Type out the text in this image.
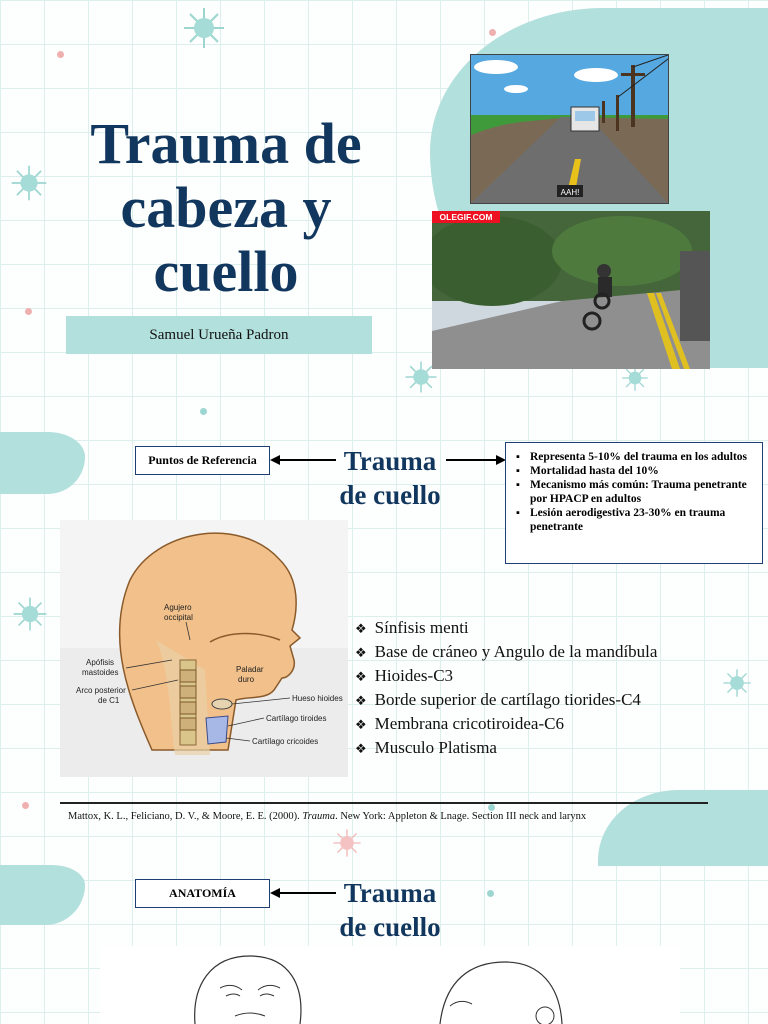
Trauma de cabeza y cuello
Samuel Urueña Padron
AAH!
OLEGIF.COM
Puntos de Referencia	Trauma
de cuello
▪ Representa 5-10% del trauma en los adultos
▪ Mortalidad hasta del 10%
▪ Mecanismo más común: Trauma penetrante por HPACP en adultos
▪ Lesión aerodigestiva 23-30% en trauma penetrante
Agujero
occipital
Apófisis
mastoides
Arco posterior
de C1
Paladar
duro
Hueso hioides
Cartílago tiroides
Cartílago cricoides
❖ Sínfisis menti
❖ Base de cráneo y Angulo de la mandíbula
❖ Hioides-C3
❖ Borde superior de cartílago tiorides-C4
❖ Membrana cricotiroidea-C6
❖ Musculo Platisma
Mattox, K. L., Feliciano, D. V., & Moore, E. E. (2000). Trauma. New York: Appleton & Lnage. Section III neck and larynx
ANATOMÍA	Trauma
de cuello
